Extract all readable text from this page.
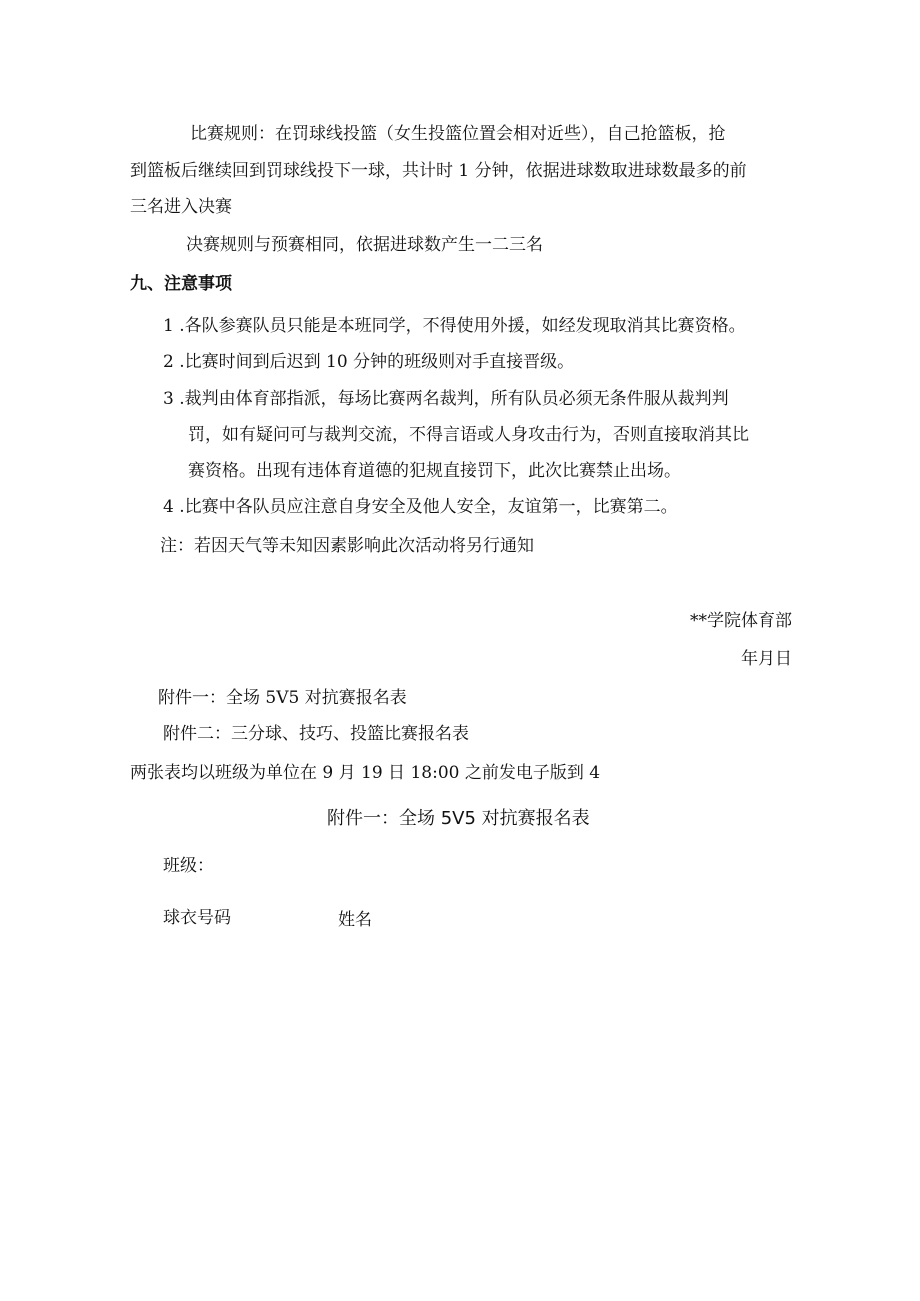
比赛规则：在罚球线投篮（女生投篮位置会相对近些），自己抢篮板，抢
到篮板后继续回到罚球线投下一球，共计时 1 分钟，依据进球数取进球数最多的前
三名进入决赛
决赛规则与预赛相同，依据进球数产生一二三名
九、注意事项
1 .各队参赛队员只能是本班同学，不得使用外援，如经发现取消其比赛资格。
2 .比赛时间到后迟到 10 分钟的班级则对手直接晋级。
3 .裁判由体育部指派，每场比赛两名裁判，所有队员必须无条件服从裁判判
罚，如有疑问可与裁判交流，不得言语或人身攻击行为，否则直接取消其比
赛资格。出现有违体育道德的犯规直接罚下，此次比赛禁止出场。
4 .比赛中各队员应注意自身安全及他人安全，友谊第一，比赛第二。
注：若因天气等未知因素影响此次活动将另行通知
**学院体育部
年月日
附件一：全场 5V5 对抗赛报名表
附件二：三分球、技巧、投篮比赛报名表
两张表均以班级为单位在 9 月 19 日 18:00 之前发电子版到 4
附件一：全场 5V5 对抗赛报名表
班级：
球衣号码	姓名
